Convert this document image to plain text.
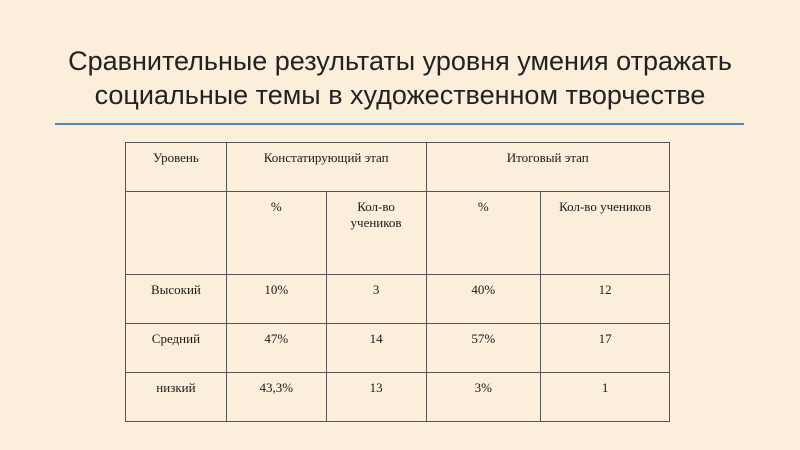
Сравнительные результаты уровня умения отражать
социальные темы в художественном творчестве
Уровень	Констатирующий этап		Итоговый этап	
	%	Кол-во учеников	%	Кол-во учеников
Высокий	10%	3	40%	12
Средний	47%	14	57%	17
низкий	43,3%	13	3%	1
